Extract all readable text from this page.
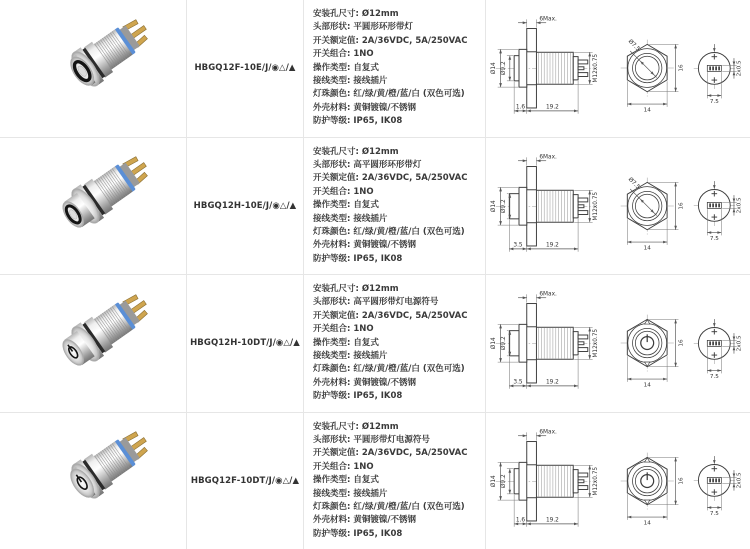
HBGQ12F-10E/J/◉△/▲
安装孔尺寸: Ø12mm
头部形状: 平圆形环形带灯
开关额定值: 2A/36VDC, 5A/250VAC
开关组合: 1NO
操作类型: 自复式
接线类型: 接线插片
灯珠颜色: 红/绿/黄/橙/蓝/白 (双色可选)
外壳材料: 黄铜镀镍/不锈钢
防护等级: IP65, IK08
6Max.
Ø14 Ø9.2	M12x0.75
1.6	19.2
Ø7.5
14
16
7.5
2x0.5
HBGQ12H-10E/J/◉△/▲
安装孔尺寸: Ø12mm
头部形状: 高平圆形环形带灯
开关额定值: 2A/36VDC, 5A/250VAC
开关组合: 1NO
操作类型: 自复式
接线类型: 接线插片
灯珠颜色: 红/绿/黄/橙/蓝/白 (双色可选)
外壳材料: 黄铜镀镍/不锈钢
防护等级: IP65, IK08
6Max.
Ø14 Ø9.2	M12x0.75
3.5	19.2
Ø7.5
14
16
7.5
2x0.5
HBGQ12H-10DT/J/◉△/▲
安装孔尺寸: Ø12mm
头部形状: 高平圆形带灯电源符号
开关额定值: 2A/36VDC, 5A/250VAC
开关组合: 1NO
操作类型: 自复式
接线类型: 接线插片
灯珠颜色: 红/绿/黄/橙/蓝/白 (双色可选)
外壳材料: 黄铜镀镍/不锈钢
防护等级: IP65, IK08
6Max.
Ø14 Ø9.2	M12x0.75
3.5	19.2
14
16
7.5
2x0.5
HBGQ12F-10DT/J/◉△/▲
安装孔尺寸: Ø12mm
头部形状: 平圆形带灯电源符号
开关额定值: 2A/36VDC, 5A/250VAC
开关组合: 1NO
操作类型: 自复式
接线类型: 接线插片
灯珠颜色: 红/绿/黄/橙/蓝/白 (双色可选)
外壳材料: 黄铜镀镍/不锈钢
防护等级: IP65, IK08
6Max.
Ø14 Ø9.2	M12x0.75
1.6	19.2
14
16
7.5
2x0.5
